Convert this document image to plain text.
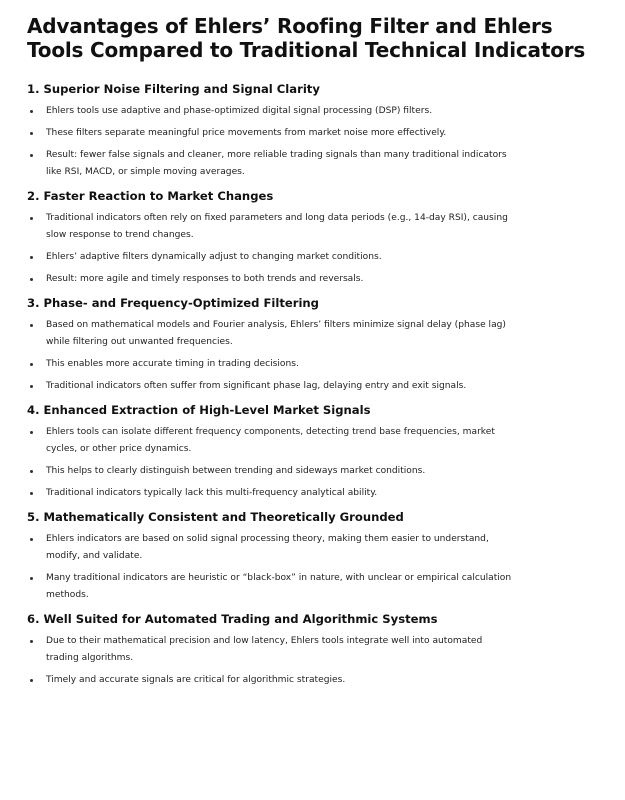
Advantages of Ehlers’ Roofing Filter and Ehlers Tools Compared to Traditional Technical Indicators
1. Superior Noise Filtering and Signal Clarity
Ehlers tools use adaptive and phase-optimized digital signal processing (DSP) filters.
These filters separate meaningful price movements from market noise more effectively.
Result: fewer false signals and cleaner, more reliable trading signals than many traditional indicators like RSI, MACD, or simple moving averages.
2. Faster Reaction to Market Changes
Traditional indicators often rely on fixed parameters and long data periods (e.g., 14-day RSI), causing slow response to trend changes.
Ehlers’ adaptive filters dynamically adjust to changing market conditions.
Result: more agile and timely responses to both trends and reversals.
3. Phase- and Frequency-Optimized Filtering
Based on mathematical models and Fourier analysis, Ehlers’ filters minimize signal delay (phase lag) while filtering out unwanted frequencies.
This enables more accurate timing in trading decisions.
Traditional indicators often suffer from significant phase lag, delaying entry and exit signals.
4. Enhanced Extraction of High-Level Market Signals
Ehlers tools can isolate different frequency components, detecting trend base frequencies, market cycles, or other price dynamics.
This helps to clearly distinguish between trending and sideways market conditions.
Traditional indicators typically lack this multi-frequency analytical ability.
5. Mathematically Consistent and Theoretically Grounded
Ehlers indicators are based on solid signal processing theory, making them easier to understand, modify, and validate.
Many traditional indicators are heuristic or “black-box” in nature, with unclear or empirical calculation methods.
6. Well Suited for Automated Trading and Algorithmic Systems
Due to their mathematical precision and low latency, Ehlers tools integrate well into automated trading algorithms.
Timely and accurate signals are critical for algorithmic strategies.
